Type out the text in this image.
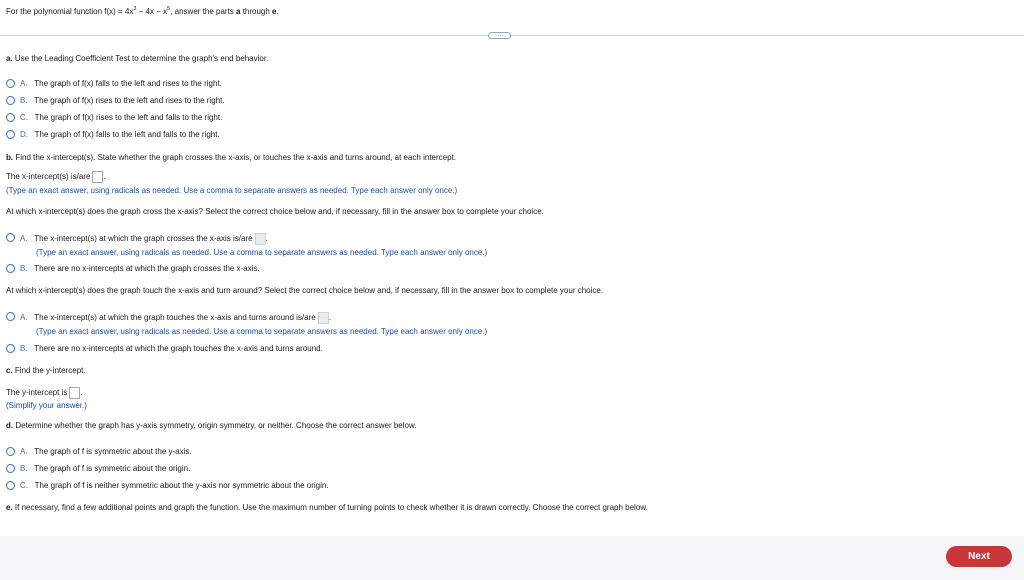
For the polynomial function $f(x) = 4x^3 - 4x - x^5$, answer the parts a through e.
····
a. Use the Leading Coefficient Test to determine the graph's end behavior.
A. The graph of f(x) falls to the left and rises to the right.
B. The graph of f(x) rises to the left and rises to the right.
C. The graph of f(x) rises to the left and falls to the right.
D. The graph of f(x) falls to the left and falls to the right.
b. Find the x-intercept(s). State whether the graph crosses the x-axis, or touches the x-axis and turns around, at each intercept.
The x-intercept(s) is/are .
(Type an exact answer, using radicals as needed. Use a comma to separate answers as needed. Type each answer only once.)
At which x-intercept(s) does the graph cross the x-axis? Select the correct choice below and, if necessary, fill in the answer box to complete your choice.
A. The x-intercept(s) at which the graph crosses the x-axis is/are .
(Type an exact answer, using radicals as needed. Use a comma to separate answers as needed. Type each answer only once.)
B. There are no x-intercepts at which the graph crosses the x-axis.
At which x-intercept(s) does the graph touch the x-axis and turn around? Select the correct choice below and, if necessary, fill in the answer box to complete your choice.
A. The x-intercept(s) at which the graph touches the x-axis and turns around is/are .
(Type an exact answer, using radicals as needed. Use a comma to separate answers as needed. Type each answer only once.)
B. There are no x-intercepts at which the graph touches the x-axis and turns around.
c. Find the y-intercept.
The y-intercept is .
(Simplify your answer.)
d. Determine whether the graph has y-axis symmetry, origin symmetry, or neither. Choose the correct answer below.
A. The graph of f is symmetric about the y-axis.
B. The graph of f is symmetric about the origin.
C. The graph of f is neither symmetric about the y-axis nor symmetric about the origin.
e. If necessary, find a few additional points and graph the function. Use the maximum number of turning points to check whether it is drawn correctly. Choose the correct graph below.
Next
